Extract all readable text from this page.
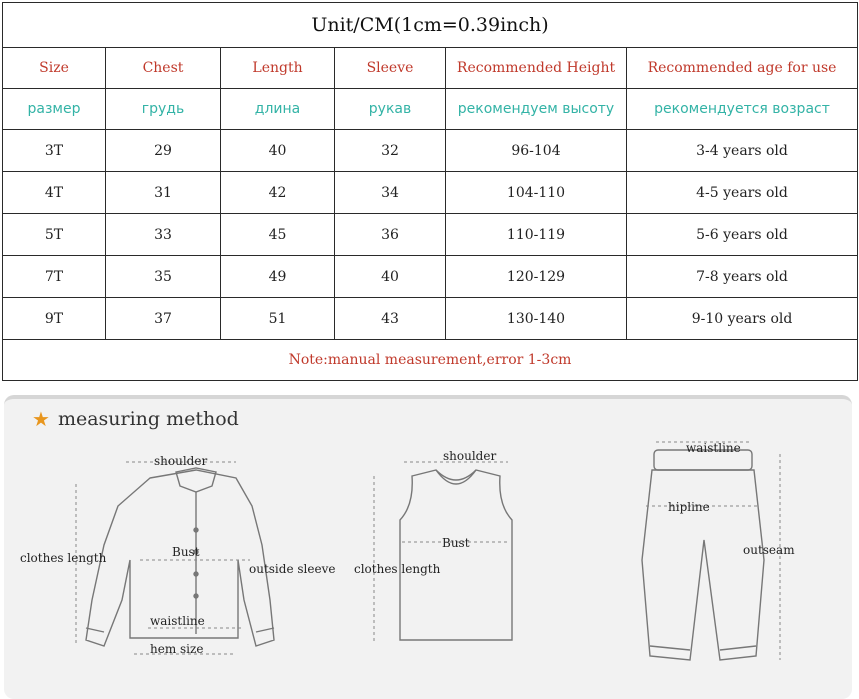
Unit/CM(1cm=0.39inch)					
Size	Chest	Length	Sleeve	Recommended Height	Recommended age for use
размер	грудь	длина	рукав	рекомендуем высоту	рекомендуется возраст
3T	29	40	32	96-104	3-4 years old
4T	31	42	34	104-110	4-5 years old
5T	33	45	36	110-119	5-6 years old
7T	35	49	40	120-129	7-8 years old
9T	37	51	43	130-140	9-10 years old
Note:manual measurement,error 1-3cm					
★ measuring method
shoulder
clothes length	Bust
outside sleeve
waistline
hem size
shoulder
Bust
clothes length
waistline
hipline
outseam
